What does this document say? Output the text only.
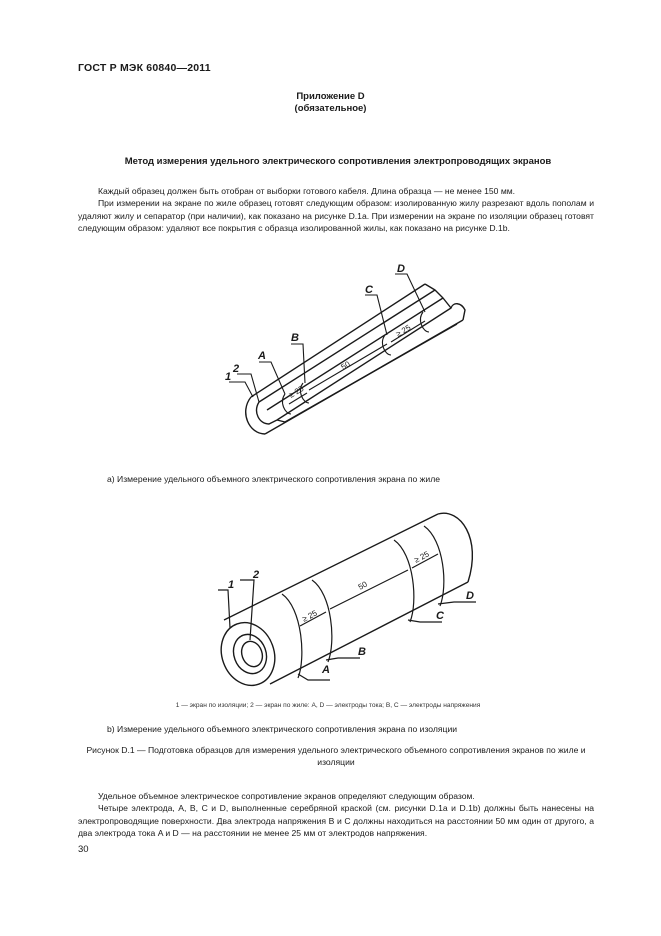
ГОСТ Р МЭК 60840—2011
Приложение D
(обязательное)
Метод измерения удельного электрического сопротивления электропроводящих экранов

Каждый образец должен быть отобран от выборки готового кабеля. Длина образца — не менее 150 мм.

При измерении на экране по жиле образец готовят следующим образом: изолированную жилу разрезают вдоль пополам и удаляют жилу и сепаратор (при наличии), как показано на рисунке D.1a. При измерении на экране по изоляции образец готовят следующим образом: удаляют все покрытия с образца изолированной жилы, как показано на рисунке D.1b.

1
2
A
B
C
D
≥ 25
50
≥ 25
а) Измерение удельного объемного электрического сопротивления экрана по жиле
1
2
A
B
C
D
≥ 25
50
≥ 25
1 — экран по изоляции; 2 — экран по жиле: A, D — электроды тока; B, C — электроды напряжения
b) Измерение удельного объемного электрического сопротивления экрана по изоляции
Рисунок D.1 — Подготовка образцов для измерения удельного электрического объемного сопротивления экранов по жиле и изоляции

Удельное объемное электрическое сопротивление экранов определяют следующим образом.

Четыре электрода, A, B, C и D, выполненные серебряной краской (см. рисунки D.1a и D.1b) должны быть нанесены на электропроводящие поверхности. Два электрода напряжения B и C должны находиться на расстоянии 50 мм один от другого, а два электрода тока A и D — на расстоянии не менее 25 мм от электродов напряжения.

30
